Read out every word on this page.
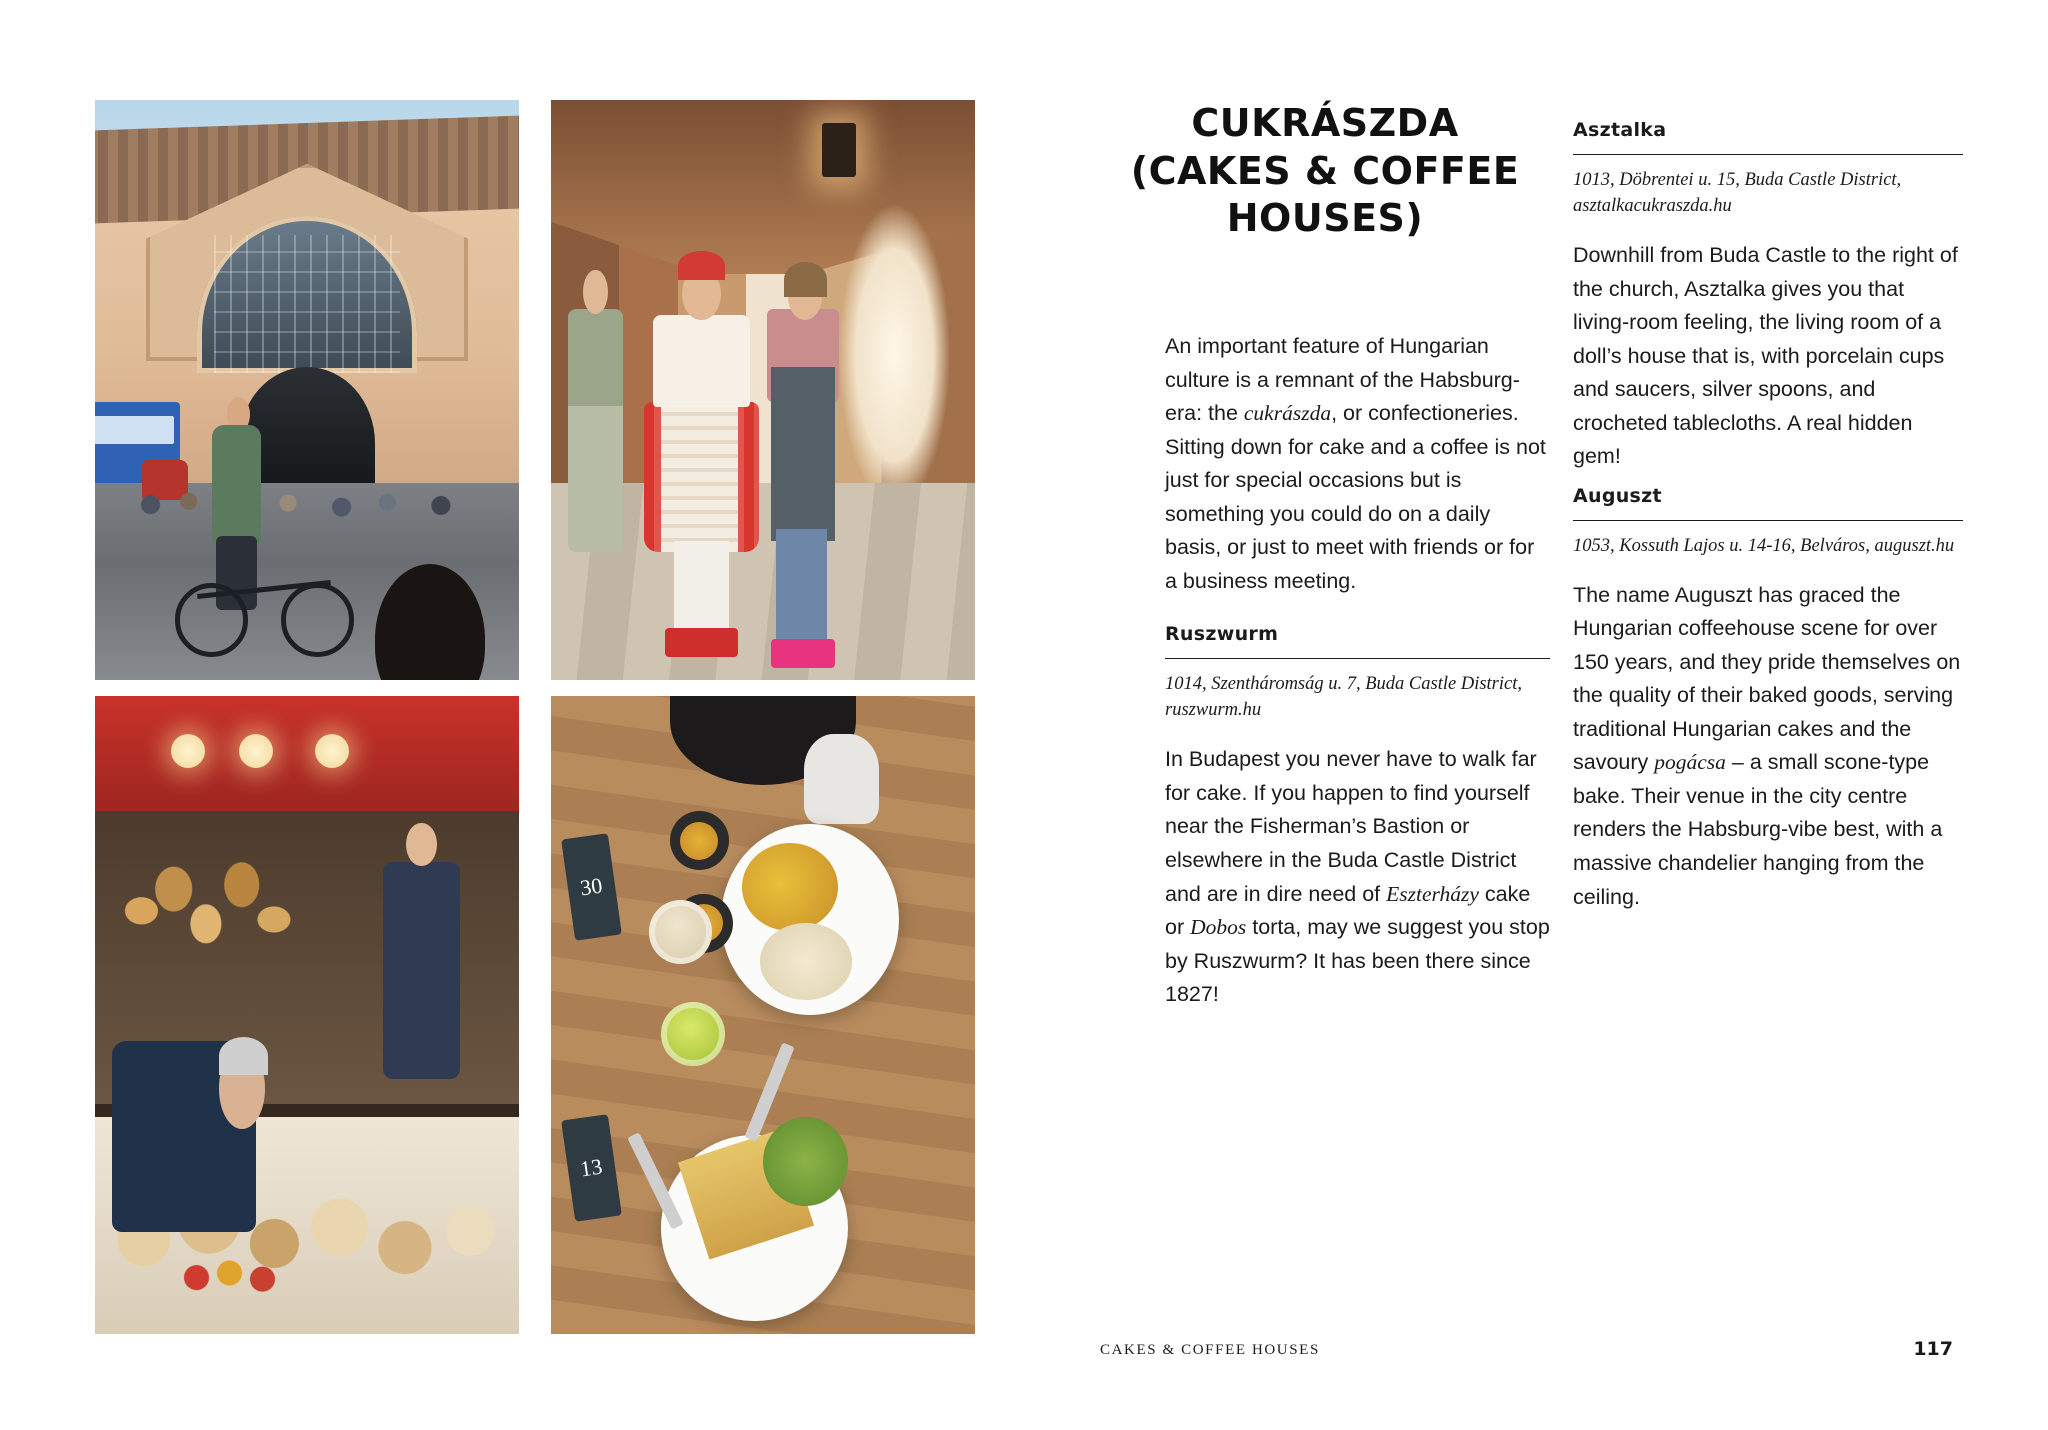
30
13
CUKRÁSZDA (CAKES & COFFEE HOUSES)

An important feature of Hungarian culture is a remnant of the Habsburg-era: the cukrászda, or confectioneries. Sitting down for cake and a coffee is not just for special occasions but is something you could do on a daily basis, or just to meet with friends or for a business meeting.

Ruszwurm
1014, Szentháromság u. 7, Buda Castle District, ruszwurm.hu

In Budapest you never have to walk far for cake. If you happen to find yourself near the Fisherman’s Bastion or elsewhere in the Buda Castle District and are in dire need of Eszterházy cake or Dobos torta, may we suggest you stop by Ruszwurm? It has been there since 1827!

Asztalka
1013, Döbrentei u. 15, Buda Castle District, asztalkacukraszda.hu

Downhill from Buda Castle to the right of the church, Asztalka gives you that living-room feeling, the living room of a doll’s house that is, with porcelain cups and saucers, silver spoons, and crocheted tablecloths. A real hidden gem!

Auguszt
1053, Kossuth Lajos u. 14-16, Belváros, auguszt.hu

The name Auguszt has graced the Hungarian coffeehouse scene for over 150 years, and they pride themselves on the quality of their baked goods, serving traditional Hungarian cakes and the savoury pogácsa – a small scone-type bake. Their venue in the city centre renders the Habsburg-vibe best, with a massive chandelier hanging from the ceiling.

CAKES & COFFEE HOUSES	117
